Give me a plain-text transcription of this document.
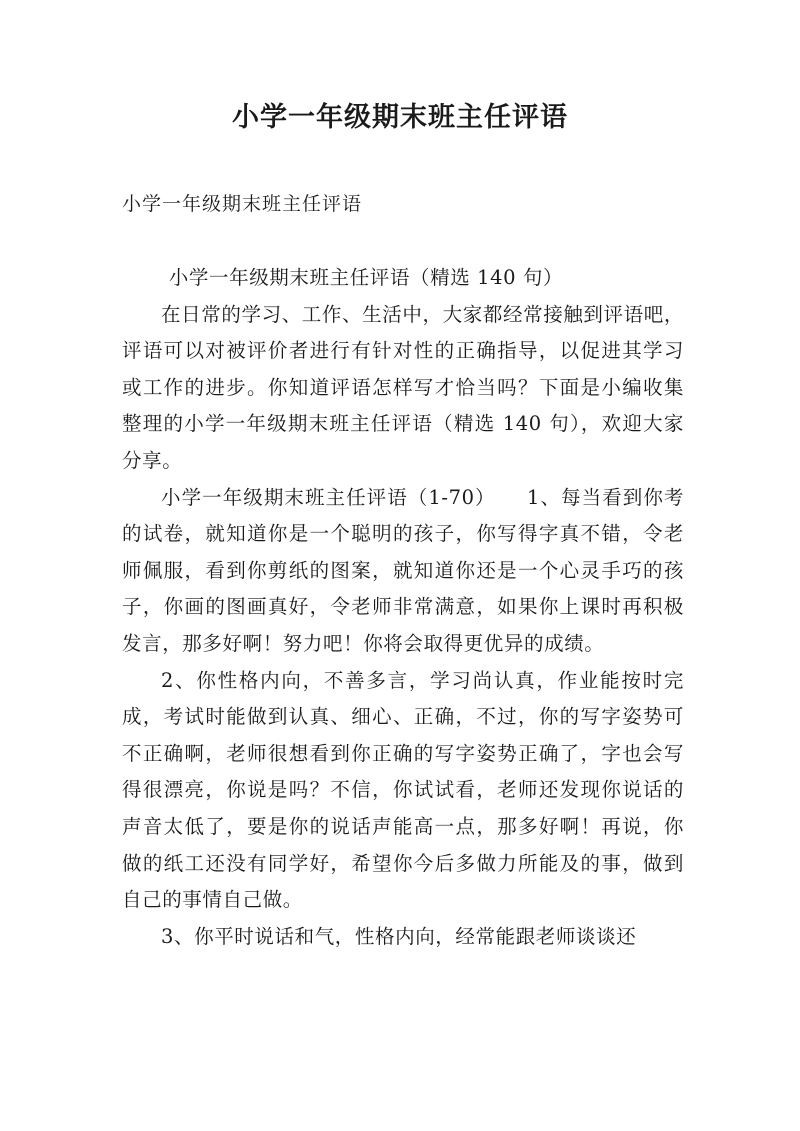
小学一年级期末班主任评语
小学一年级期末班主任评语

小学一年级期末班主任评语（精选 140 句）

在日常的学习、工作、生活中，大家都经常接触到评语吧，评语可以对被评价者进行有针对性的正确指导，以促进其学习或工作的进步。你知道评语怎样写才恰当吗？下面是小编收集整理的小学一年级期末班主任评语（精选 140 句），欢迎大家分享。

小学一年级期末班主任评语（1-70）　　1、每当看到你考的试卷，就知道你是一个聪明的孩子，你写得字真不错，令老师佩服，看到你剪纸的图案，就知道你还是一个心灵手巧的孩子，你画的图画真好，令老师非常满意，如果你上课时再积极发言，那多好啊！努力吧！你将会取得更优异的成绩。

2、你性格内向，不善多言，学习尚认真，作业能按时完成，考试时能做到认真、细心、正确，不过，你的写字姿势可不正确啊，老师很想看到你正确的写字姿势正确了，字也会写得很漂亮，你说是吗？不信，你试试看，老师还发现你说话的声音太低了，要是你的说话声能高一点，那多好啊！再说，你做的纸工还没有同学好，希望你今后多做力所能及的事，做到自己的事情自己做。

3、你平时说话和气，性格内向，经常能跟老师谈谈还
